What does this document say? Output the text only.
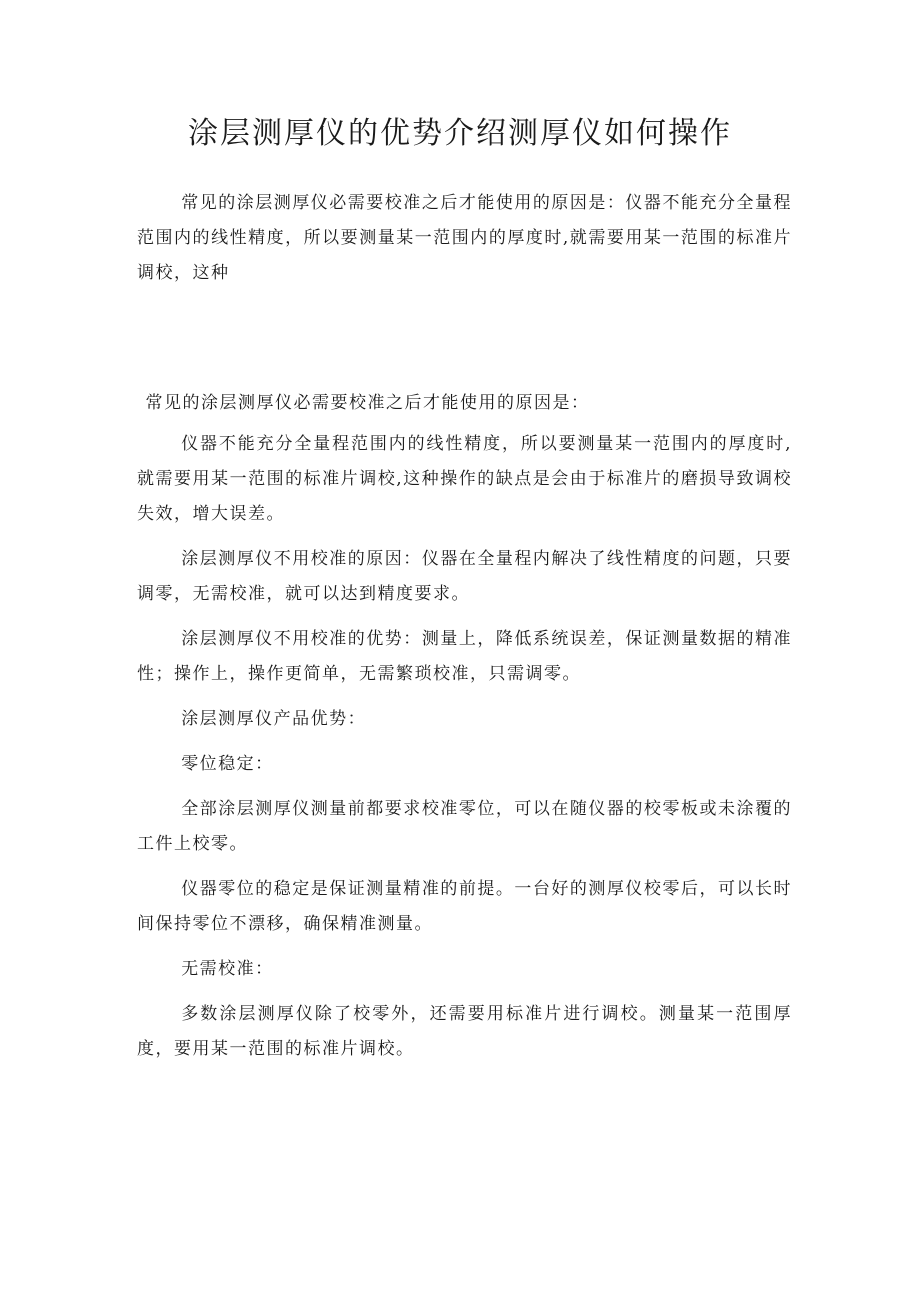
涂层测厚仪的优势介绍测厚仪如何操作

常见的涂层测厚仪必需要校准之后才能使用的原因是：仪器不能充分全量程范围内的线性精度，所以要测量某一范围内的厚度时,就需要用某一范围的标准片调校，这种

常见的涂层测厚仪必需要校准之后才能使用的原因是：

仪器不能充分全量程范围内的线性精度，所以要测量某一范围内的厚度时,就需要用某一范围的标准片调校,这种操作的缺点是会由于标准片的磨损导致调校失效，增大误差。

涂层测厚仪不用校准的原因：仪器在全量程内解决了线性精度的问题，只要调零，无需校准，就可以达到精度要求。

涂层测厚仪不用校准的优势：测量上，降低系统误差，保证测量数据的精准性；操作上，操作更简单，无需繁琐校准，只需调零。

涂层测厚仪产品优势：

零位稳定：

全部涂层测厚仪测量前都要求校准零位，可以在随仪器的校零板或未涂覆的工件上校零。

仪器零位的稳定是保证测量精准的前提。一台好的测厚仪校零后，可以长时间保持零位不漂移，确保精准测量。

无需校准：

多数涂层测厚仪除了校零外，还需要用标准片进行调校。测量某一范围厚度，要用某一范围的标准片调校。
